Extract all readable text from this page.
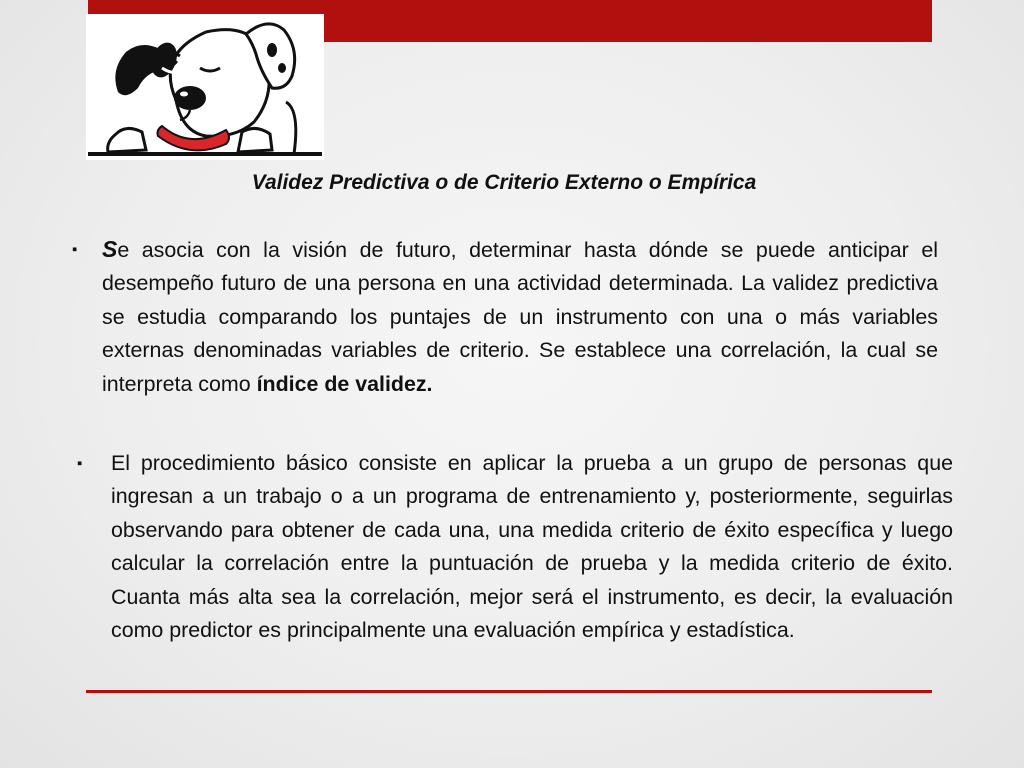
Validez Predictiva o de Criterio Externo o Empírica

▪ Se asocia con la visión de futuro, determinar hasta dónde se puede anticipar el desempeño futuro de una persona en una actividad determinada. La validez predictiva se estudia comparando los puntajes de un instrumento con una o más variables externas denominadas variables de criterio. Se establece una correlación, la cual se interpreta como índice de validez.

▪ El procedimiento básico consiste en aplicar la prueba a un grupo de personas que ingresan a un trabajo o a un programa de entrenamiento y, posteriormente, seguirlas observando para obtener de cada una, una medida criterio de éxito específica y luego calcular la correlación entre la puntuación de prueba y la medida criterio de éxito. Cuanta más alta sea la correlación, mejor será el instrumento, es decir, la evaluación como predictor es principalmente una evaluación empírica y estadística.
